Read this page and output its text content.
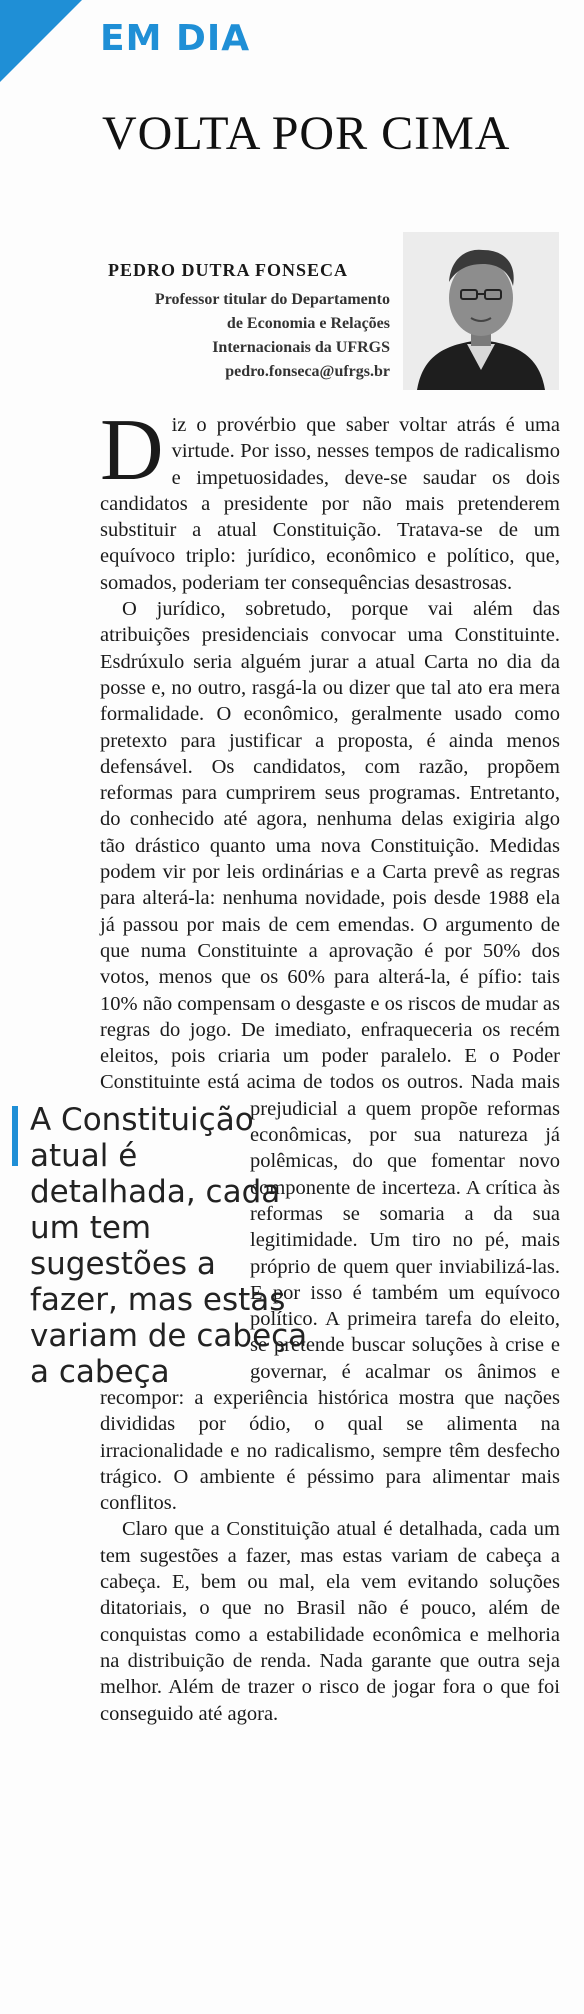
EM DIA
VOLTA POR CIMA
PEDRO DUTRA FONSECA
Professor titular do Departamento
de Economia e Relações
Internacionais da UFRGS
pedro.fonseca@ufrgs.br

Diz o provérbio que saber voltar atrás é uma virtude. Por isso, nesses tempos de radicalismo e impetuosidades, deve-se saudar os dois candidatos a presidente por não mais pretenderem substituir a atual Constituição. Tratava-se de um equívoco triplo: jurídico, econômico e político, que, somados, poderiam ter consequências desastrosas.

O jurídico, sobretudo, porque vai além das atribuições presidenciais convocar uma Constituinte. Esdrúxulo seria alguém jurar a atual Carta no dia da posse e, no outro, rasgá-la ou dizer que tal ato era mera formalidade. O econômico, geralmente usado como pretexto para justificar a proposta, é ainda menos defensável. Os candidatos, com razão, propõem reformas para cumprirem seus programas. Entretanto, do conhecido até agora, nenhuma delas exigiria algo tão drástico quanto uma nova Constituição. Medidas podem vir por leis ordinárias e a Carta prevê as regras para alterá-la: nenhuma novidade, pois desde 1988 ela já passou por mais de cem emendas. O argumento de que numa Constituinte a aprovação é por 50% dos votos, menos que os 60% para alterá-la, é pífio: tais 10% não compensam o desgaste e os riscos de mudar as regras do jogo. De imediato, enfraqueceria os recém eleitos, pois criaria um poder paralelo. E o Poder Constituinte está acima de todos os outros. Nada mais
prejudicial a quem propõe reformas econômicas, por sua natureza já polêmicas, do que fomentar novo componente de incerteza. A crítica às reformas se somaria a da sua legitimidade. Um tiro no pé, mais próprio de quem quer inviabilizá-las. E por isso é também um equívoco político. A primeira tarefa do eleito, se pretende buscar soluções à crise e governar, é acalmar os ânimos e recompor: a experiência histórica mostra que nações divididas por ódio, o qual se alimenta na irracionalidade e no radicalismo, sempre têm desfecho trágico. O ambiente é péssimo para alimentar mais conflitos.

Claro que a Constituição atual é detalhada, cada um tem sugestões a fazer, mas estas variam de cabeça a cabeça. E, bem ou mal, ela vem evitando soluções ditatoriais, o que no Brasil não é pouco, além de conquistas como a estabilidade econômica e melhoria na distribuição de renda. Nada garante que outra seja melhor. Além de trazer o risco de jogar fora o que foi conseguido até agora.

A Constituição atual é detalhada, cada um tem sugestões a fazer, mas estas variam de cabeça a cabeça
